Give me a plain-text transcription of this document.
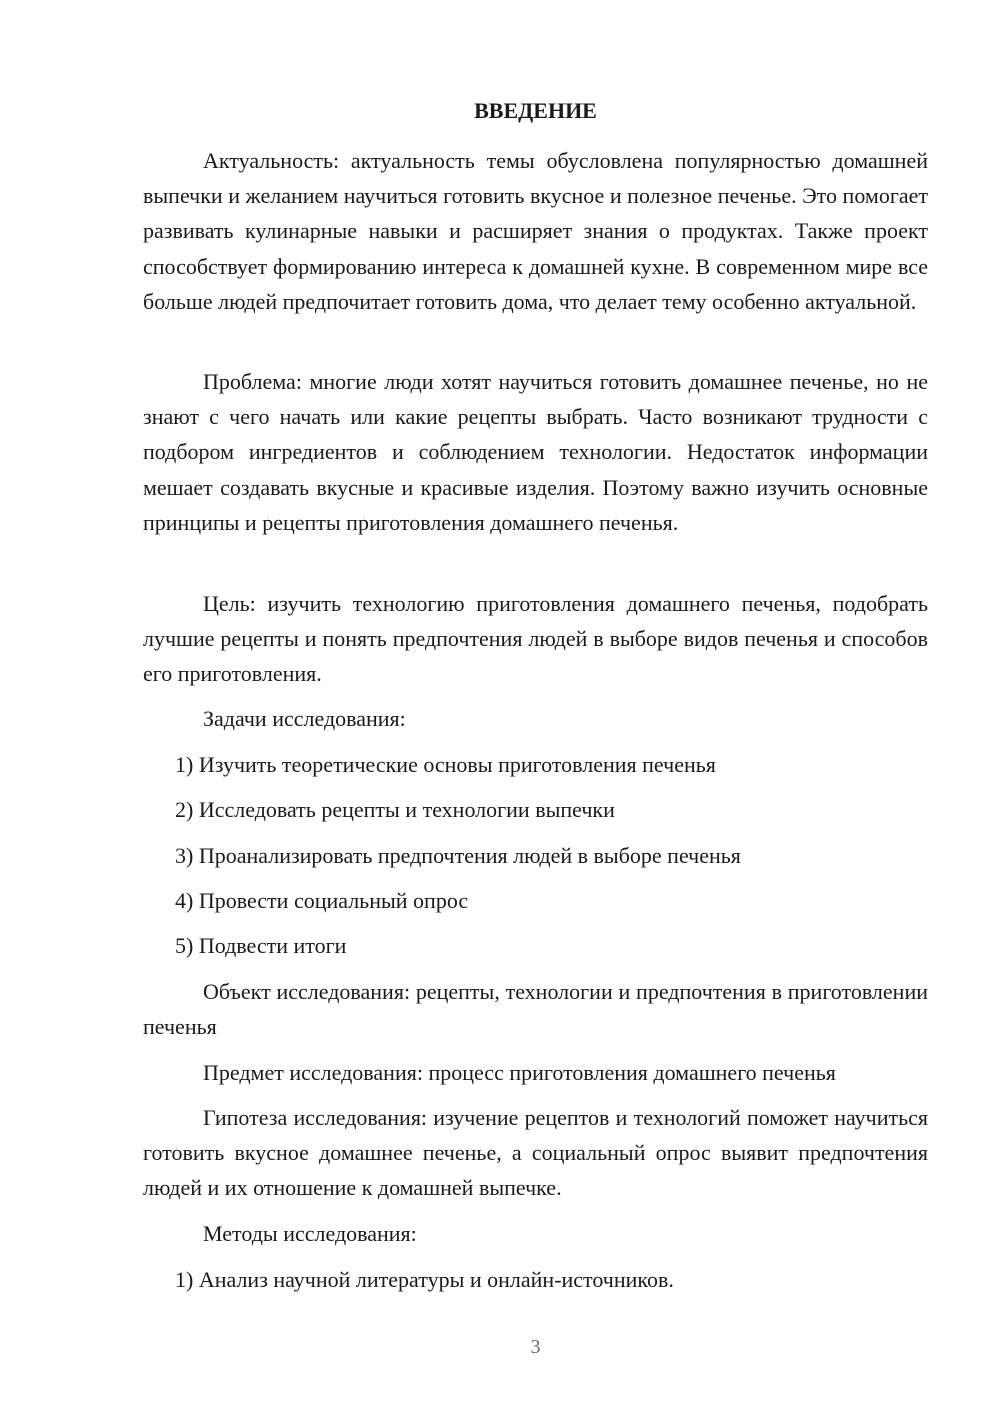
ВВЕДЕНИЕ

Актуальность: актуальность темы обусловлена популярностью домашней выпечки и желанием научиться готовить вкусное и полезное печенье. Это помогает развивать кулинарные навыки и расширяет знания о продуктах. Также проект способствует формированию интереса к домашней кухне. В современном мире все больше людей предпочитает готовить дома, что делает тему особенно актуальной.

Проблема: многие люди хотят научиться готовить домашнее печенье, но не знают с чего начать или какие рецепты выбрать. Часто возникают трудности с подбором ингредиентов и соблюдением технологии. Недостаток информации мешает создавать вкусные и красивые изделия. Поэтому важно изучить основные принципы и рецепты приготовления домашнего печенья.

Цель: изучить технологию приготовления домашнего печенья, подобрать лучшие рецепты и понять предпочтения людей в выборе видов печенья и способов его приготовления.

Задачи исследования:

1) Изучить теоретические основы приготовления печенья

2) Исследовать рецепты и технологии выпечки

3) Проанализировать предпочтения людей в выборе печенья

4) Провести социальный опрос

5) Подвести итоги

Объект исследования: рецепты, технологии и предпочтения в приготовлении печенья

Предмет исследования: процесс приготовления домашнего печенья

Гипотеза исследования: изучение рецептов и технологий поможет научиться готовить вкусное домашнее печенье, а социальный опрос выявит предпочтения людей и их отношение к домашней выпечке.

Методы исследования:

1) Анализ научной литературы и онлайн-источников.

3
